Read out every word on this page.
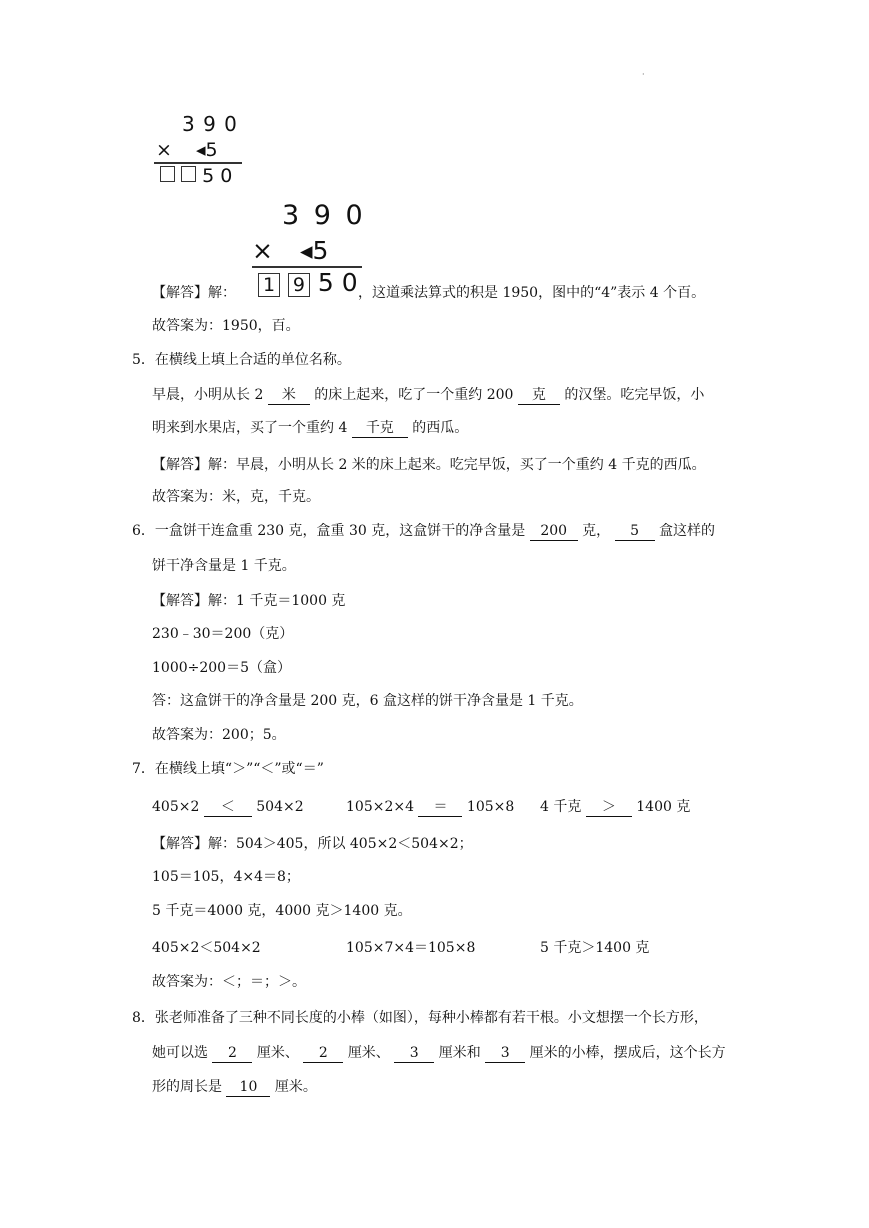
·
3 9 0
× ◂5
5 0
3 9 0
× ◂5
1 9 5 0
【解答】解：	，这道乘法算式的积是 1950，图中的“4”表示 4 个百。
故答案为：1950，百。
5．在横线上填上合适的单位名称。
早晨，小明从长 2 米 的床上起来，吃了一个重约 200 克 的汉堡。吃完早饭，小
明来到水果店，买了一个重约 4 千克 的西瓜。
【解答】解：早晨，小明从长 2 米的床上起来。吃完早饭，买了一个重约 4 千克的西瓜。
故答案为：米，克，千克。
6．一盒饼干连盒重 230 克，盒重 30 克，这盒饼干的净含量是 200 克， 5 盒这样的
饼干净含量是 1 千克。
【解答】解：1 千克＝1000 克
230﹣30＝200（克）
1000÷200＝5（盒）
答：这盒饼干的净含量是 200 克，6 盒这样的饼干净含量是 1 千克。
故答案为：200；5。
7．在横线上填“＞”“＜”或“＝”
405×2 ＜ 504×2	105×2×4 ＝ 105×8 4 千克 ＞ 1400 克
【解答】解：504＞405，所以 405×2＜504×2；
105＝105，4×4＝8；
5 千克＝4000 克，4000 克＞1400 克。
405×2＜504×2	105×7×4＝105×8	5 千克＞1400 克
故答案为：＜；＝；＞。
8．张老师准备了三种不同长度的小棒（如图），每种小棒都有若干根。小文想摆一个长方形，
她可以选 2 厘米、 2 厘米、 3 厘米和 3 厘米的小棒，摆成后，这个长方
形的周长是 10 厘米。
